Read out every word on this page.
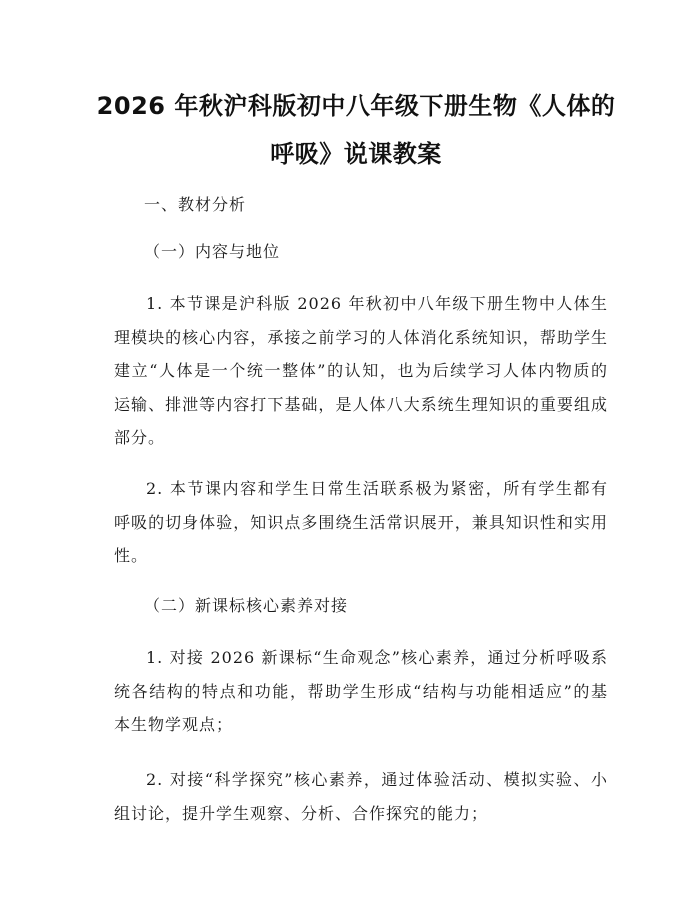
2026 年秋沪科版初中八年级下册生物《人体的呼吸》说课教案
一、教材分析
（一）内容与地位
1. 本节课是沪科版 2026 年秋初中八年级下册生物中人体生理模块的核心内容，承接之前学习的人体消化系统知识，帮助学生建立“人体是一个统一整体”的认知，也为后续学习人体内物质的运输、排泄等内容打下基础，是人体八大系统生理知识的重要组成部分。
2. 本节课内容和学生日常生活联系极为紧密，所有学生都有呼吸的切身体验，知识点多围绕生活常识展开，兼具知识性和实用性。
（二）新课标核心素养对接
1. 对接 2026 新课标“生命观念”核心素养，通过分析呼吸系统各结构的特点和功能，帮助学生形成“结构与功能相适应”的基本生物学观点；
2. 对接“科学探究”核心素养，通过体验活动、模拟实验、小组讨论，提升学生观察、分析、合作探究的能力；
